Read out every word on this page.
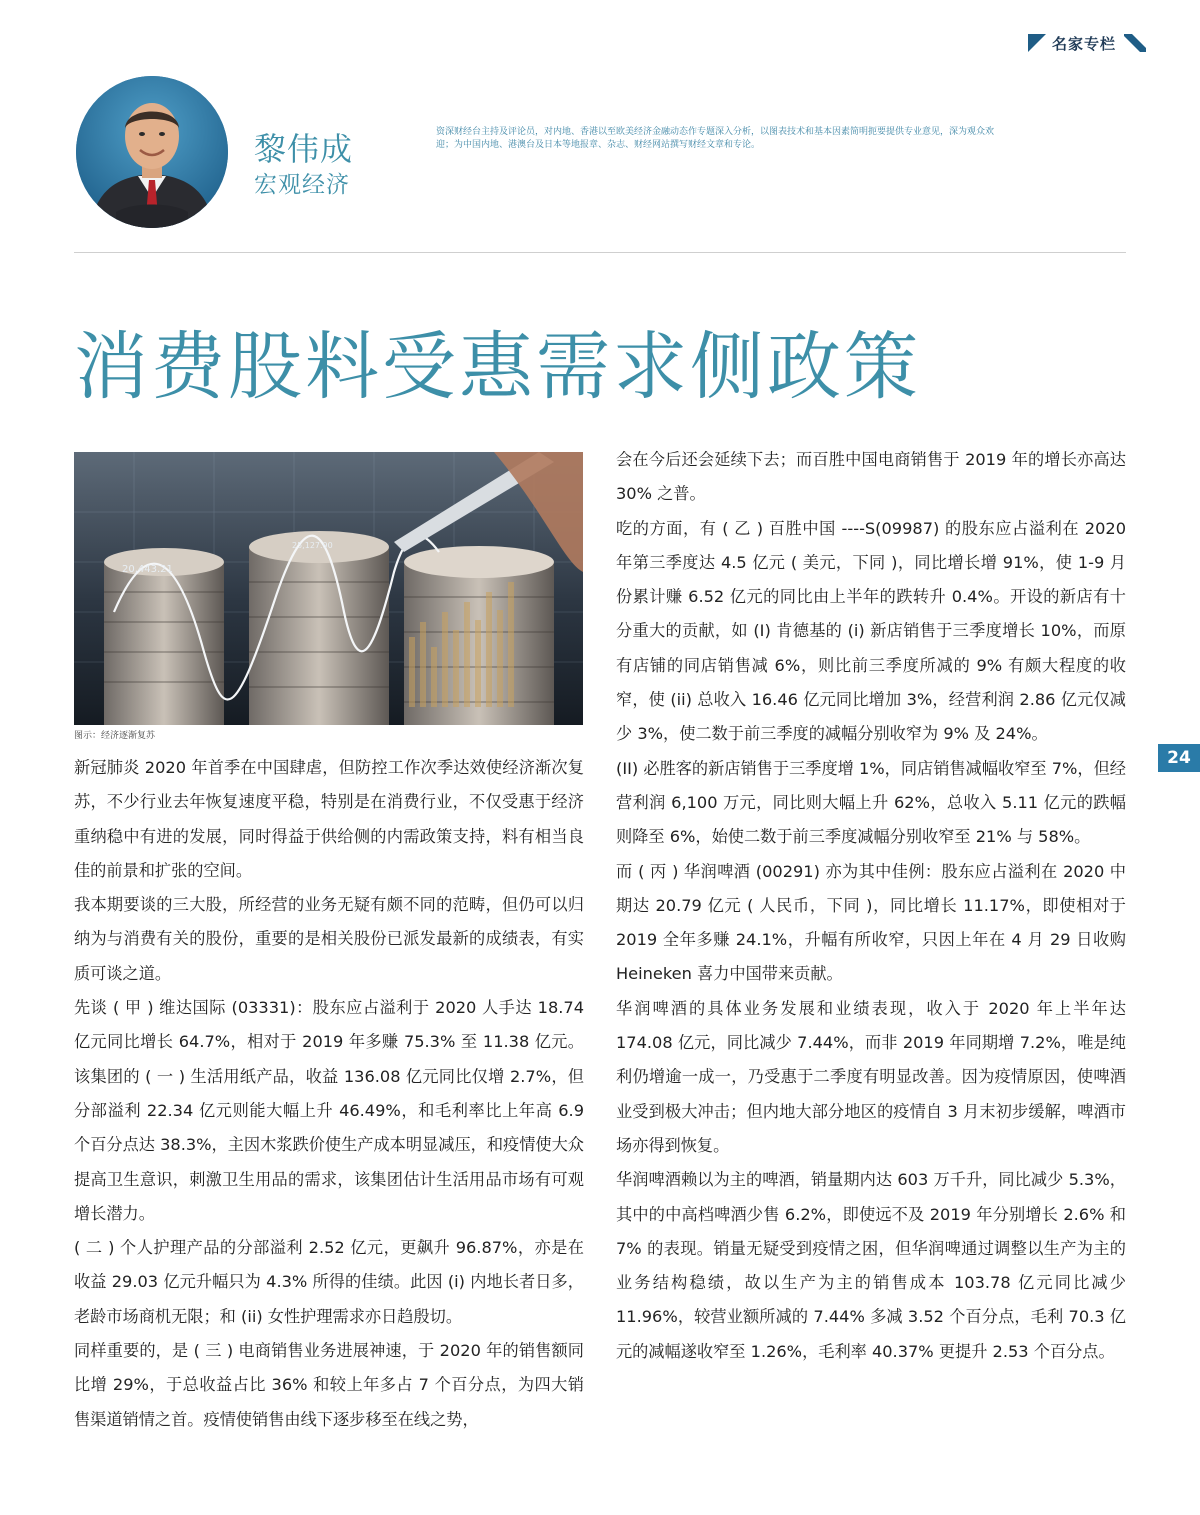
名家专栏
黎伟成
宏观经济
资深财经台主持及评论员，对内地、香港以至欧美经济金融动态作专题深入分析，以图表技术和基本因素简明扼要提供专业意见，深为观众欢迎；为中国内地、港澳台及日本等地报章、杂志、财经网站撰写财经文章和专论。
消费股料受惠需求侧政策
20,443.21
25,127.90
图示：经济逐渐复苏

新冠肺炎 2020 年首季在中国肆虐，但防控工作次季达效使经济渐次复苏，不少行业去年恢复速度平稳，特别是在消费行业，不仅受惠于经济重纳稳中有进的发展，同时得益于供给侧的内需政策支持，料有相当良佳的前景和扩张的空间。

我本期要谈的三大股，所经营的业务无疑有颇不同的范畴，但仍可以归纳为与消费有关的股份，重要的是相关股份已派发最新的成绩表，有实质可谈之道。

先谈 ( 甲 ) 维达国际 (03331)：股东应占溢利于 2020 人手达 18.74 亿元同比增长 64.7%，相对于 2019 年多赚 75.3% 至 11.38 亿元。该集团的 ( 一 ) 生活用纸产品，收益 136.08 亿元同比仅增 2.7%，但分部溢利 22.34 亿元则能大幅上升 46.49%，和毛利率比上年高 6.9 个百分点达 38.3%，主因木浆跌价使生产成本明显减压，和疫情使大众提高卫生意识，刺激卫生用品的需求，该集团估计生活用品市场有可观增长潜力。

( 二 ) 个人护理产品的分部溢利 2.52 亿元，更飙升 96.87%，亦是在收益 29.03 亿元升幅只为 4.3% 所得的佳绩。此因 (i) 内地长者日多，老龄市场商机无限；和 (ii) 女性护理需求亦日趋殷切。

同样重要的，是 ( 三 ) 电商销售业务进展神速，于 2020 年的销售额同比增 29%，于总收益占比 36% 和较上年多占 7 个百分点，为四大销售渠道销情之首。疫情使销售由线下逐步移至在线之势，

会在今后还会延续下去；而百胜中国电商销售于 2019 年的增长亦高达 30% 之普。

吃的方面，有 ( 乙 ) 百胜中国 ----S(09987) 的股东应占溢利在 2020 年第三季度达 4.5 亿元 ( 美元，下同 )，同比增长增 91%，使 1-9 月份累计赚 6.52 亿元的同比由上半年的跌转升 0.4%。开设的新店有十分重大的贡献，如 (I) 肯德基的 (i) 新店销售于三季度增长 10%，而原有店铺的同店销售减 6%，则比前三季度所减的 9% 有颇大程度的收窄，使 (ii) 总收入 16.46 亿元同比增加 3%，经营利润 2.86 亿元仅减少 3%，使二数于前三季度的减幅分别收窄为 9% 及 24%。

(II) 必胜客的新店销售于三季度增 1%，同店销售减幅收窄至 7%，但经营利润 6,100 万元，同比则大幅上升 62%，总收入 5.11 亿元的跌幅则降至 6%，始使二数于前三季度减幅分别收窄至 21% 与 58%。

而 ( 丙 ) 华润啤酒 (00291) 亦为其中佳例：股东应占溢利在 2020 中期达 20.79 亿元 ( 人民币，下同 )，同比增长 11.17%，即使相对于 2019 全年多赚 24.1%，升幅有所收窄，只因上年在 4 月 29 日收购 Heineken 喜力中国带来贡献。

华润啤酒的具体业务发展和业绩表现，收入于 2020 年上半年达 174.08 亿元，同比减少 7.44%，而非 2019 年同期增 7.2%，唯是纯利仍增逾一成一，乃受惠于二季度有明显改善。因为疫情原因，使啤酒业受到极大冲击；但内地大部分地区的疫情自 3 月末初步缓解，啤酒市场亦得到恢复。

华润啤酒赖以为主的啤酒，销量期内达 603 万千升，同比减少 5.3%，其中的中高档啤酒少售 6.2%，即使远不及 2019 年分别增长 2.6% 和 7% 的表现。销量无疑受到疫情之困，但华润啤通过调整以生产为主的业务结构稳绩，故以生产为主的销售成本 103.78 亿元同比减少 11.96%，较营业额所减的 7.44% 多减 3.52 个百分点，毛利 70.3 亿元的减幅遂收窄至 1.26%，毛利率 40.37% 更提升 2.53 个百分点。

24
